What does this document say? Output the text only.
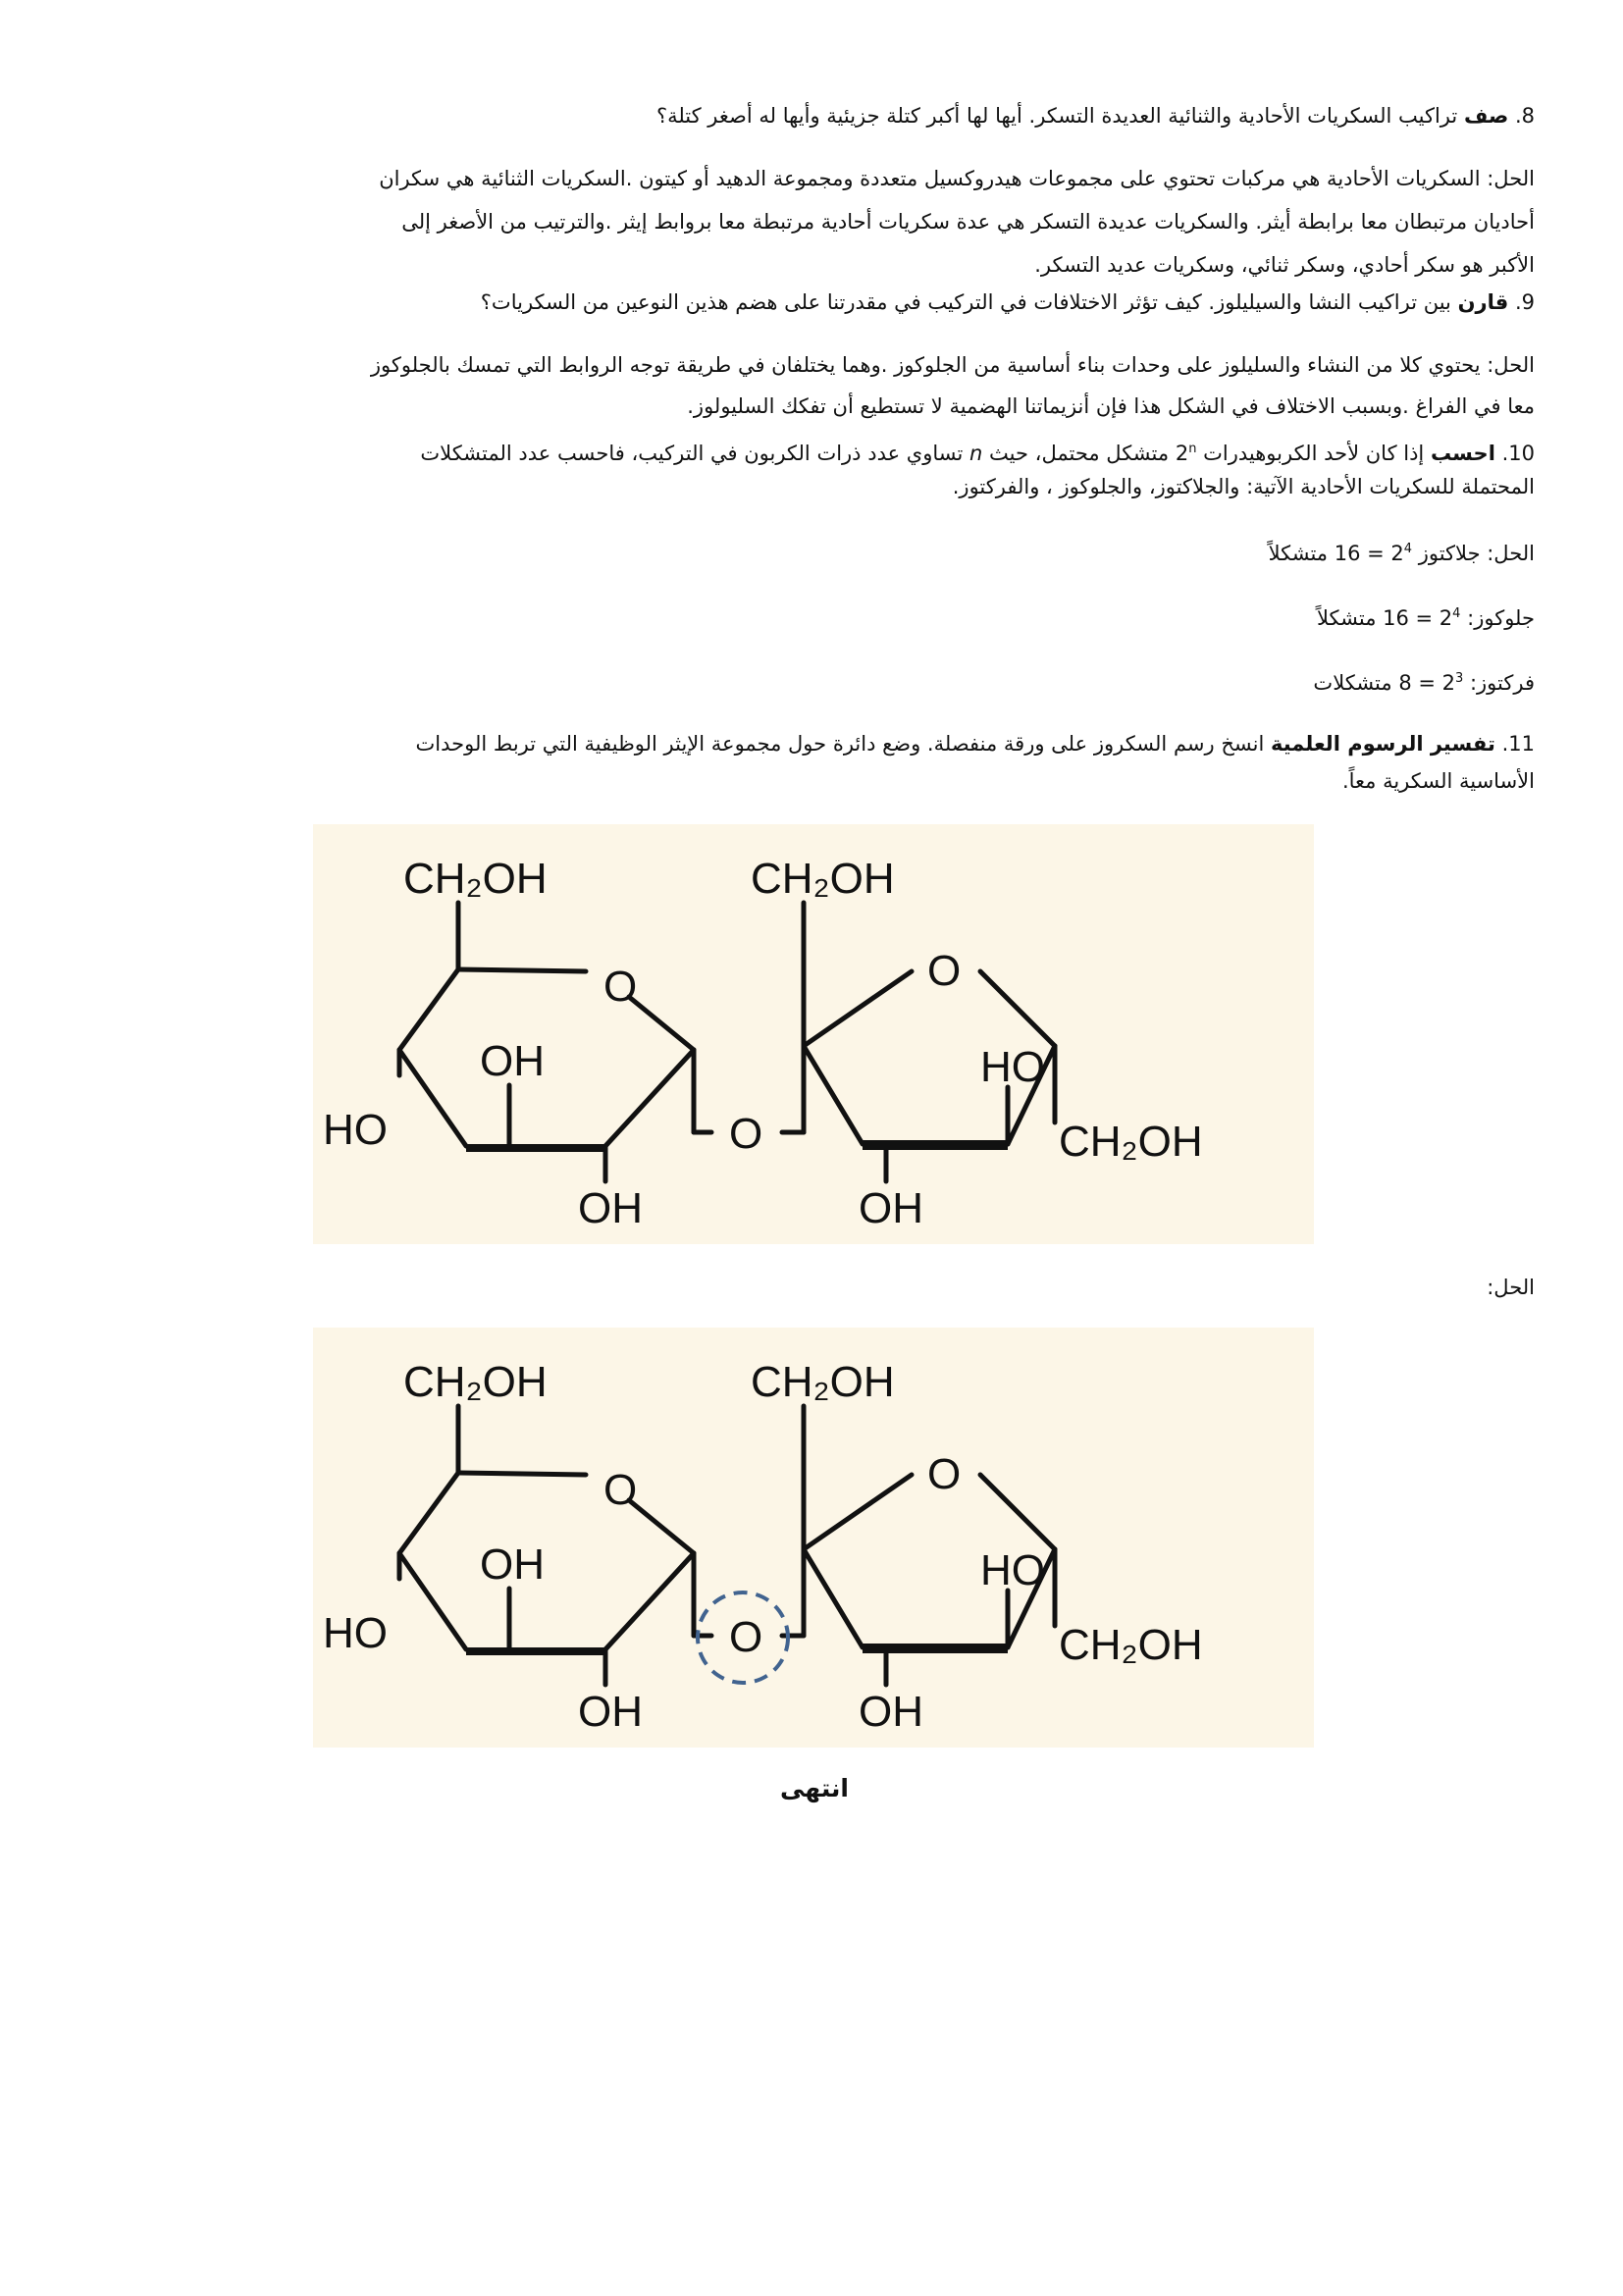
8. صف تراكيب السكريات الأحادية والثنائية العديدة التسكر. أيها لها أكبر كتلة جزيئية وأيها له أصغر كتلة؟
الحل: السكريات الأحادية هي مركبات تحتوي على مجموعات هيدروكسيل متعددة ومجموعة الدهيد أو كيتون .السكريات الثنائية هي سكران
أحاديان مرتبطان معا برابطة أيثر. والسكريات عديدة التسكر هي عدة سكريات أحادية مرتبطة معا بروابط إيثر .والترتيب من الأصغر إلى
الأكبر هو سكر أحادي، وسكر ثنائي، وسكريات عديد التسكر.
9. قارن بين تراكيب النشا والسيليلوز. كيف تؤثر الاختلافات في التركيب في مقدرتنا على هضم هذين النوعين من السكريات؟
الحل: يحتوي كلا من النشاء والسليلوز على وحدات بناء أساسية من الجلوكوز .وهما يختلفان في طريقة توجه الروابط التي تمسك بالجلوكوز
معا في الفراغ .وبسبب الاختلاف في الشكل هذا فإن أنزيماتنا الهضمية لا تستطيع أن تفكك السليولوز.
10. احسب إذا كان لأحد الكربوهيدرات 2$^n$ متشكل محتمل، حيث n تساوي عدد ذرات الكربون في التركيب، فاحسب عدد المتشكلات
المحتملة للسكريات الأحادية الآتية: والجلاكتوز، والجلوكوز ، والفركتوز.
الحل: جلاكتوز $16 = 2^4$ متشكلاً
جلوكوز: $16 = 2^4$ متشكلاً
فركتوز: $8 = 2^3$ متشكلات
11. تفسير الرسوم العلمية انسخ رسم السكروز على ورقة منفصلة. وضع دائرة حول مجموعة الإيثر الوظيفية التي تربط الوحدات
الأساسية السكرية معاً.
CH₂OH
O
OH
HO
OH
O
CH₂OH
O
HO
OH
CH₂OH
الحل:
CH₂OH
O
OH
HO
OH
O
CH₂OH
O
HO
OH
CH₂OH
انتهى
